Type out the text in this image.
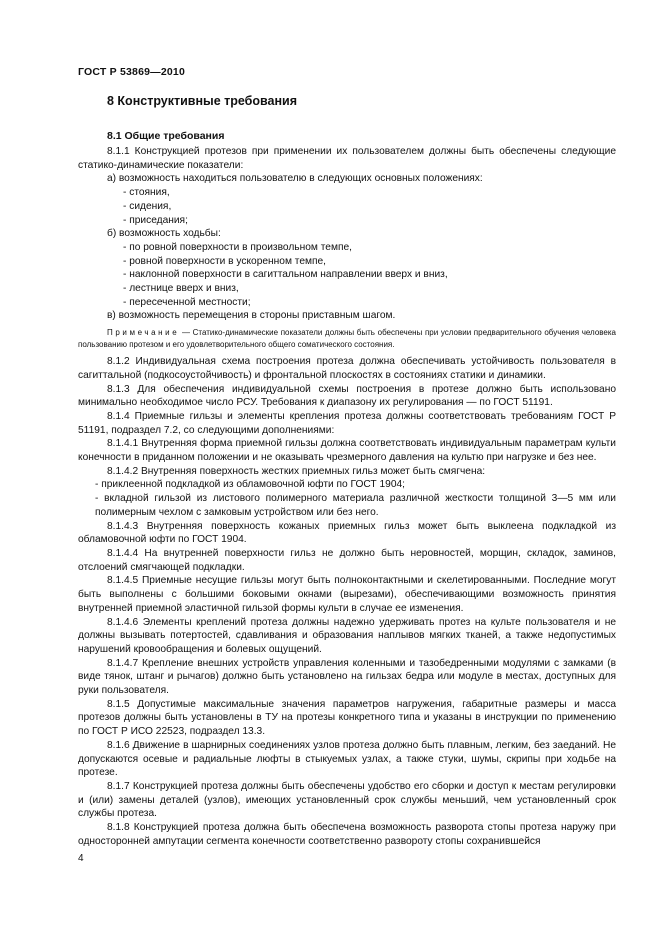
ГОСТ Р 53869—2010
8 Конструктивные требования
8.1 Общие требования

8.1.1 Конструкцией протезов при применении их пользователем должны быть обеспечены следующие статико-динамические показатели:

а) возможность находиться пользователю в следующих основных положениях:

- стояния,

- сидения,

- приседания;

б) возможность ходьбы:

- по ровной поверхности в произвольном темпе,

- ровной поверхности в ускоренном темпе,

- наклонной поверхности в сагиттальном направлении вверх и вниз,

- лестнице вверх и вниз,

- пересеченной местности;

в) возможность перемещения в стороны приставным шагом.

Примечание — Статико-динамические показатели должны быть обеспечены при условии предварительного обучения человека пользованию протезом и его удовлетворительного общего соматического состояния.

8.1.2 Индивидуальная схема построения протеза должна обеспечивать устойчивость пользователя в сагиттальной (подкосоустойчивость) и фронтальной плоскостях в состояниях статики и динамики.

8.1.3 Для обеспечения индивидуальной схемы построения в протезе должно быть использовано минимально необходимое число РСУ. Требования к диапазону их регулирования — по ГОСТ 51191.

8.1.4 Приемные гильзы и элементы крепления протеза должны соответствовать требованиям ГОСТ Р 51191, подраздел 7.2, со следующими дополнениями:

8.1.4.1 Внутренняя форма приемной гильзы должна соответствовать индивидуальным параметрам культи конечности в приданном положении и не оказывать чрезмерного давления на культю при нагрузке и без нее.

8.1.4.2 Внутренняя поверхность жестких приемных гильз может быть смягчена:

- приклеенной подкладкой из обламовочной юфти по ГОСТ 1904;

- вкладной гильзой из листового полимерного материала различной жесткости толщиной 3—5 мм или полимерным чехлом с замковым устройством или без него.

8.1.4.3 Внутренняя поверхность кожаных приемных гильз может быть выклеена подкладкой из обламовочной юфти по ГОСТ 1904.

8.1.4.4 На внутренней поверхности гильз не должно быть неровностей, морщин, складок, заминов, отслоений смягчающей подкладки.

8.1.4.5 Приемные несущие гильзы могут быть полноконтактными и скелетированными. Последние могут быть выполнены с большими боковыми окнами (вырезами), обеспечивающими возможность принятия внутренней приемной эластичной гильзой формы культи в случае ее изменения.

8.1.4.6 Элементы креплений протеза должны надежно удерживать протез на культе пользователя и не должны вызывать потертостей, сдавливания и образования наплывов мягких тканей, а также недопустимых нарушений кровообращения и болевых ощущений.

8.1.4.7 Крепление внешних устройств управления коленными и тазобедренными модулями с замками (в виде тянок, штанг и рычагов) должно быть установлено на гильзах бедра или модуле в местах, доступных для руки пользователя.

8.1.5 Допустимые максимальные значения параметров нагружения, габаритные размеры и масса протезов должны быть установлены в ТУ на протезы конкретного типа и указаны в инструкции по применению по ГОСТ Р ИСО 22523, подраздел 13.3.

8.1.6 Движение в шарнирных соединениях узлов протеза должно быть плавным, легким, без заеданий. Не допускаются осевые и радиальные люфты в стыкуемых узлах, а также стуки, шумы, скрипы при ходьбе на протезе.

8.1.7 Конструкцией протеза должны быть обеспечены удобство его сборки и доступ к местам регулировки и (или) замены деталей (узлов), имеющих установленный срок службы меньший, чем установленный срок службы протеза.

8.1.8 Конструкцией протеза должна быть обеспечена возможность разворота стопы протеза наружу при односторонней ампутации сегмента конечности соответственно развороту стопы сохранившейся

4
